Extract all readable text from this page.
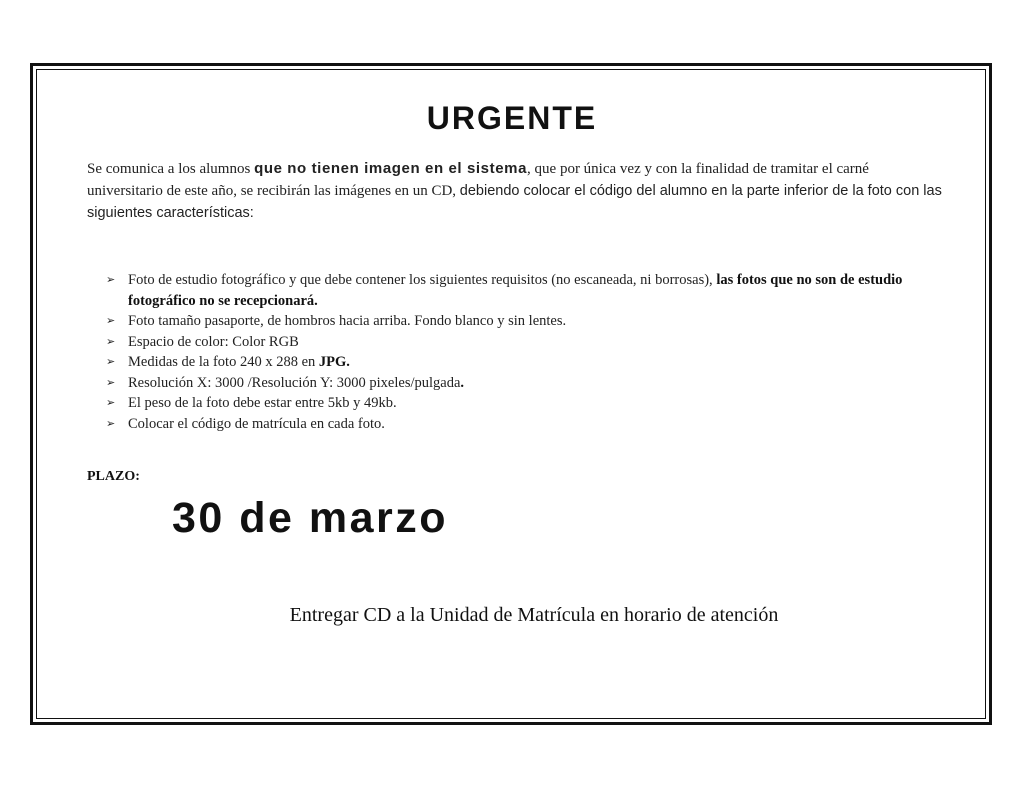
URGENTE
Se comunica a los alumnos que no tienen imagen en el sistema, que por única vez y con la finalidad de tramitar el carné universitario de este año, se recibirán las imágenes en un CD, debiendo colocar el código del alumno en la parte inferior de la foto con las siguientes características:
➢ Foto de estudio fotográfico y que debe contener los siguientes requisitos (no escaneada, ni borrosas), las fotos que no son de estudio fotográfico no se recepcionará.
➢ Foto tamaño pasaporte, de hombros hacia arriba. Fondo blanco y sin lentes.
➢ Espacio de color: Color RGB
➢ Medidas de la foto 240 x 288 en JPG.
➢ Resolución X: 3000 /Resolución Y: 3000 pixeles/pulgada.
➢ El peso de la foto debe estar entre 5kb y 49kb.
➢ Colocar el código de matrícula en cada foto.
PLAZO:
30 de marzo
Entregar CD a la Unidad de Matrícula en horario de atención
